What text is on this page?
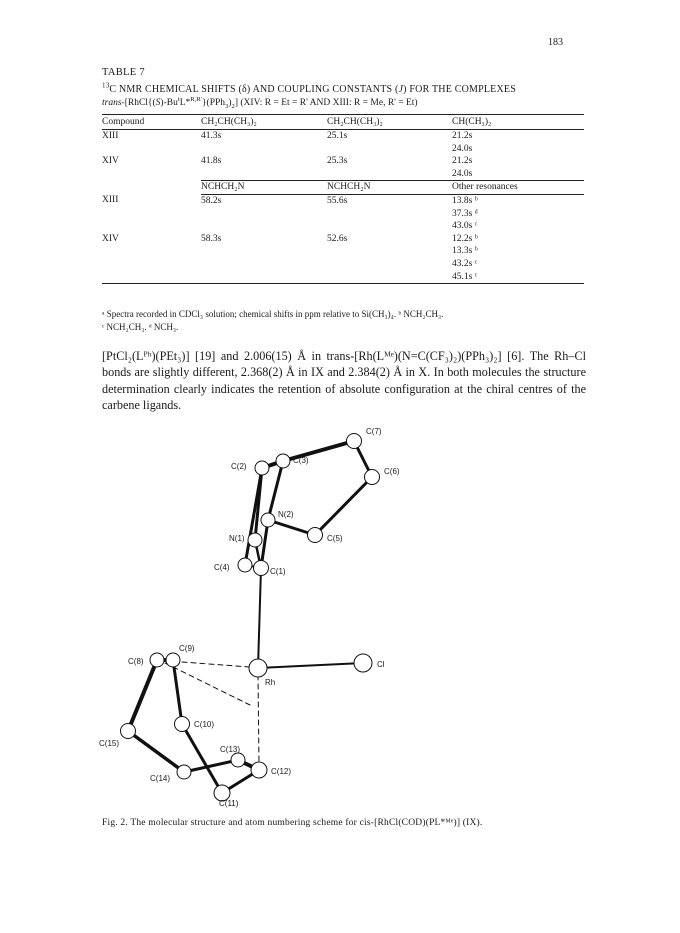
183
TABLE 7
$^{13}$C NMR CHEMICAL SHIFTS (δ) AND COUPLING CONSTANTS (J) FOR THE COMPLEXES
trans-$[RhCl\{(S)-Bu^tL*^{R,R'}\}(PPh_3)_2]$ (XIV: R = Et = R' AND XIII: R = Me, R' = Et)
Compound	CH₂CH(CH₃)₂	CH₂CH(CH₃)₂	CH(CH₃)₂
XIII	41.3s	25.1s	21.2s
			24.0s
XIV	41.8s	25.3s	21.2s
			24.0s
	NCHCH₂N	NCHCH₂N	Other resonances
XIII	58.2s	55.6s	13.8s ᵇ
			37.3s ᵈ
			43.0s ᶜ
XIV	58.3s	52.6s	12.2s ᵇ
			13.3s ᵇ
			43.2s ᶜ
			45.1s ᶜ
ᵃ Spectra recorded in CDCl₃ solution; chemical shifts in ppm relative to Si(CH₃)₄. ᵇ NCH₂CH₃.
ᶜ NCH₂CH₃. ᵈ NCH₃.

[PtCl₂(Lᴾʰ)(PEt₃)] [19] and 2.006(15) Å in trans-[Rh(Lᴹᵉ)(N=C(CF₃)₂)(PPh₃)₂] [6]. The Rh–Cl bonds are slightly different, 2.368(2) Å in IX and 2.384(2) Å in X. In both molecules the structure determination clearly indicates the retention of absolute configuration at the chiral centres of the carbene ligands.

C(7)
C(3)
C(2)
C(6)
N(2)
N(1)	C(5)
C(4)	C(1)
C(9)
C(8)
Rh
Cl
C(10)
C(15)
C(13)
C(14)
C(12)
C(11)
Fig. 2. The molecular structure and atom numbering scheme for cis-[RhCl(COD)(PL*ᴹᵉ)] (IX).
